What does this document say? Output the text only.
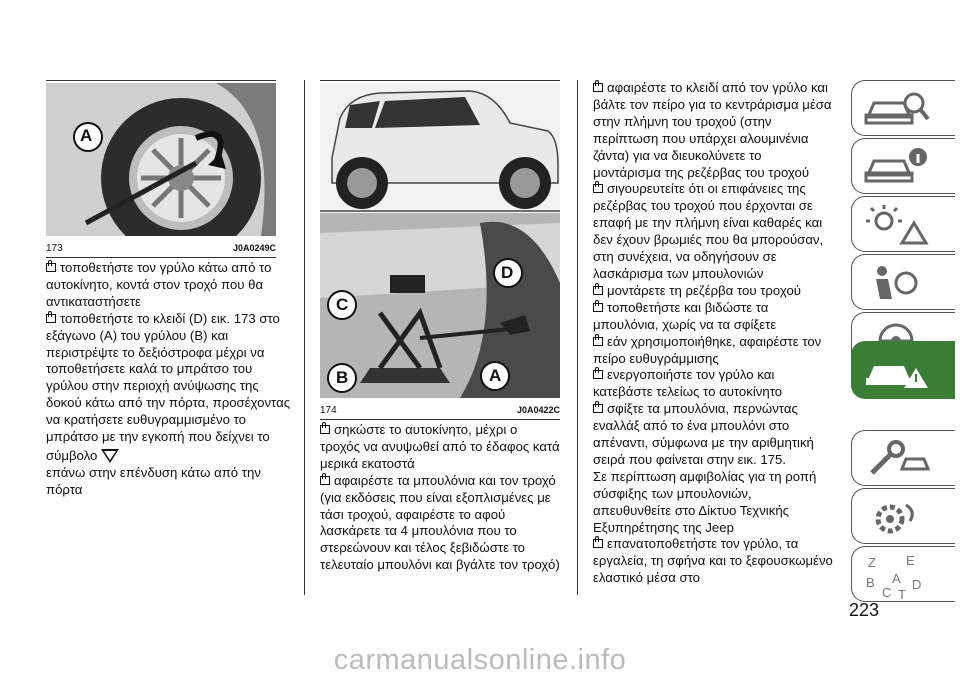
A
173	J0A0249C

τοποθετήστε τον γρύλο κάτω από το αυτοκίνητο, κοντά στον τροχό που θα αντικαταστήσετε

τοποθετήστε το κλειδί (D) εικ. 173 στο εξάγωνο (A) του γρύλου (B) και περιστρέψτε το δεξιόστροφα μέχρι να τοποθετήσετε καλά το μπράτσο του γρύλου στην περιοχή ανύψωσης της δοκού κάτω από την πόρτα, προσέχοντας να κρατήσετε ευθυγραμμισμένο το μπράτσο με την εγκοπή που δείχνει το σύμβολο

επάνω στην επένδυση κάτω από την πόρτα

D
C
B	A
174	J0A0422C

σηκώστε το αυτοκίνητο, μέχρι ο τροχός να ανυψωθεί από το έδαφος κατά μερικά εκατοστά

αφαιρέστε τα μπουλόνια και τον τροχό (για εκδόσεις που είναι εξοπλισμένες με τάσι τροχού, αφαιρέστε το αφού λασκάρετε τα 4 μπουλόνια που το στερεώνουν και τέλος ξεβιδώστε το τελευταίο μπουλόνι και βγάλτε τον τροχό)

αφαιρέστε το κλειδί από τον γρύλο και βάλτε τον πείρο για το κεντράρισμα μέσα στην πλήμνη του τροχού (στην περίπτωση που υπάρχει αλουμινένια ζάντα) για να διευκολύνετε το μοντάρισμα της ρεζέρβας του τροχού

σιγουρευτείτε ότι οι επιφάνειες της ρεζέρβας του τροχού που έρχονται σε επαφή με την πλήμνη είναι καθαρές και δεν έχουν βρωμιές που θα μπορούσαν, στη συνέχεια, να οδηγήσουν σε λασκάρισμα των μπουλονιών

μοντάρετε τη ρεζέρβα του τροχού

τοποθετήστε και βιδώστε τα μπουλόνια, χωρίς να τα σφίξετε

εάν χρησιμοποιήθηκε, αφαιρέστε τον πείρο ευθυγράμμισης

ενεργοποιήστε τον γρύλο και κατεβάστε τελείως το αυτοκίνητο

σφίξτε τα μπουλόνια, περνώντας εναλλάξ από το ένα μπουλόνι στο απέναντι, σύμφωνα με την αριθμητική σειρά που φαίνεται στην εικ. 175.

Σε περίπτωση αμφιβολίας για τη ροπή σύσφιξης των μπουλονιών, απευθυνθείτε στο Δίκτυο Τεχνικής Εξυπηρέτησης της Jeep

επανατοποθετήστε τον γρύλο, τα εργαλεία, τη σφήνα και το ξεφουσκωμένο ελαστικό μέσα στο

Z E
B
C
A D
T
223
carmanualsonline.info
